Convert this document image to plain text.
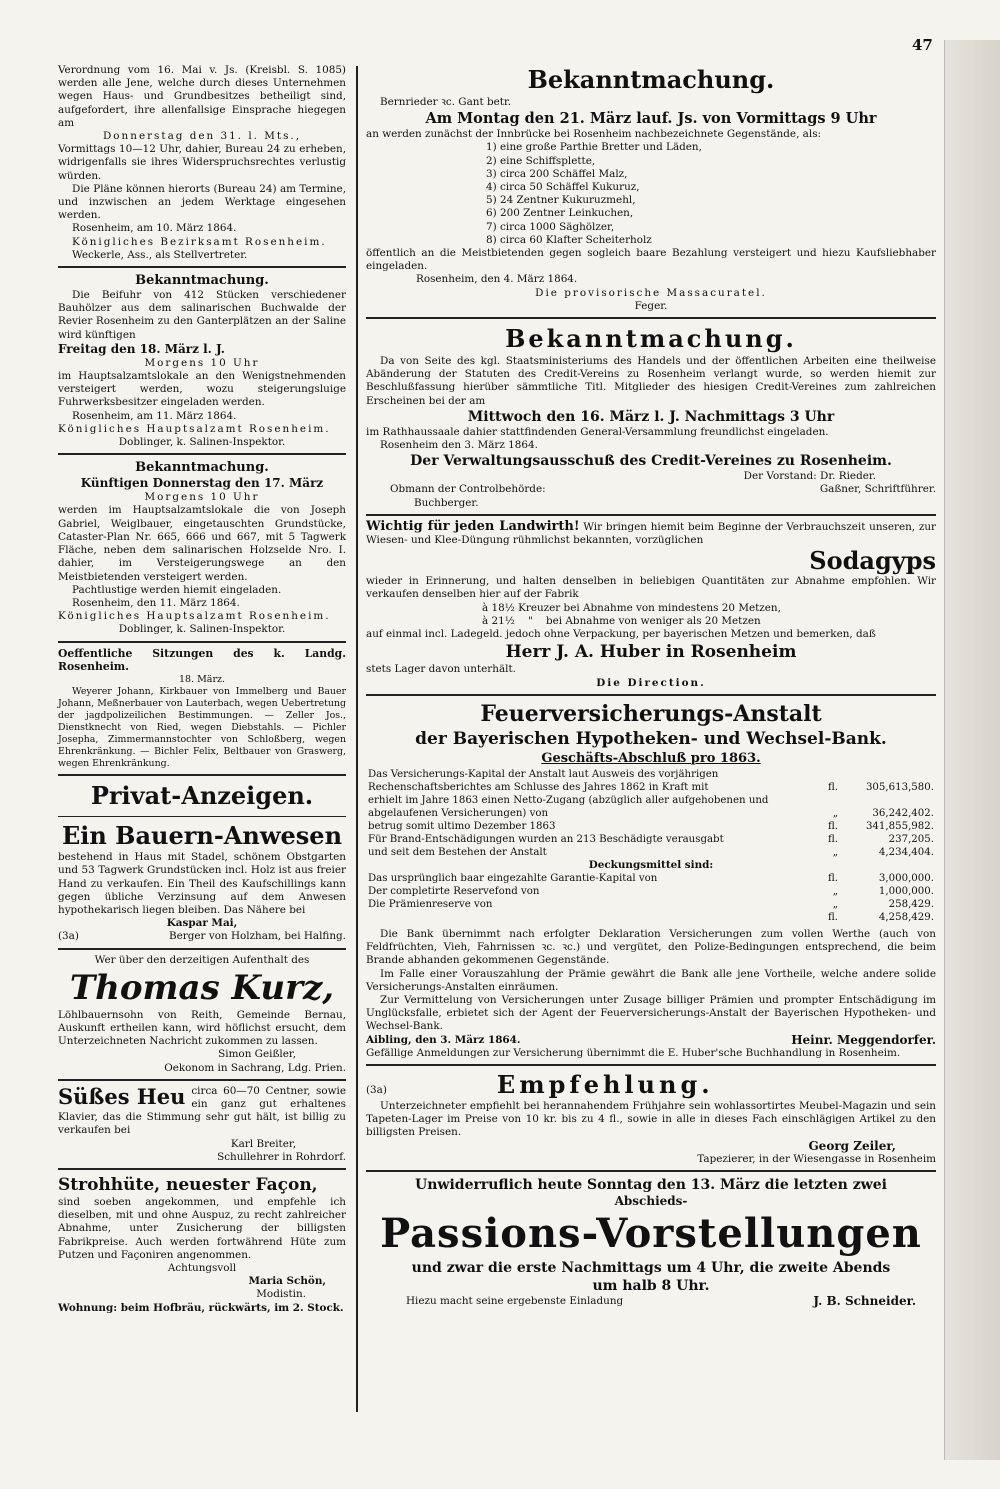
47

Verordnung vom 16. Mai v. Js. (Kreisbl. S. 1085) werden alle Jene, welche durch dieses Unternehmen wegen Haus- und Grundbesitzes betheiligt sind, aufgefordert, ihre allenfallsige Einsprache hiegegen am

Donnerstag den 31. l. Mts.,

Vormittags 10—12 Uhr, dahier, Bureau 24 zu erheben, widrigenfalls sie ihres Widerspruchsrechtes verlustig würden.

Die Pläne können hierorts (Bureau 24) am Termine, und inzwischen an jedem Werktage eingesehen werden.

Rosenheim, am 10. März 1864.

Königliches Bezirksamt Rosenheim.

Weckerle, Ass., als Stellvertreter.

Bekanntmachung.

Die Beifuhr von 412 Stücken verschiedener Bauhölzer aus dem salinarischen Buchwalde der Revier Rosenheim zu den Ganterplätzen an der Saline wird künftigen

Freitag den 18. März l. J.

Morgens 10 Uhr

im Hauptsalzamtslokale an den Wenigstnehmenden versteigert werden, wozu steigerungsluige Fuhrwerksbesitzer eingeladen werden.

Rosenheim, am 11. März 1864.

Königliches Hauptsalzamt Rosenheim.

Doblinger, k. Salinen-Inspektor.

Bekanntmachung.

Künftigen Donnerstag den 17. März

Morgens 10 Uhr

werden im Hauptsalzamtslokale die von Joseph Gabriel, Weiglbauer, eingetauschten Grundstücke, Cataster-Plan Nr. 665, 666 und 667, mit 5 Tagwerk Fläche, neben dem salinarischen Holzselde Nro. I. dahier, im Versteigerungswege an den Meistbietenden versteigert werden.

Pachtlustige werden hiemit eingeladen.

Rosenheim, den 11. März 1864.

Königliches Hauptsalzamt Rosenheim.

Doblinger, k. Salinen-Inspektor.

Oeffentliche Sitzungen des k. Landg. Rosenheim.

18. März.

Weyerer Johann, Kirkbauer von Immelberg und Bauer Johann, Meßnerbauer von Lauterbach, wegen Uebertretung der jagdpolizeilichen Bestimmungen. — Zeller Jos., Dienstknecht von Ried, wegen Diebstahls. — Pichler Josepha, Zimmermannstochter von Schloßberg, wegen Ehrenkränkung. — Bichler Felix, Beltbauer von Graswerg, wegen Ehrenkränkung.

Privat-Anzeigen.

Ein Bauern-Anwesen

bestehend in Haus mit Stadel, schönem Obstgarten und 53 Tagwerk Grundstücken incl. Holz ist aus freier Hand zu verkaufen. Ein Theil des Kaufschillings kann gegen übliche Verzinsung auf dem Anwesen hypothekarisch liegen bleiben. Das Nähere bei

Kaspar Mai,

(3a)	Berger von Holzham, bei Halfing.

Wer über den derzeitigen Aufenthalt des

Thomas Kurz,

Löhlbauernsohn von Reith, Gemeinde Bernau, Auskunft ertheilen kann, wird höflichst ersucht, dem Unterzeichneten Nachricht zukommen zu lassen.

Simon Geißler,

Oekonom in Sachrang, Ldg. Prien.

Süßes Heu circa 60—70 Centner, sowie ein ganz gut erhaltenes Klavier, das die Stimmung sehr gut hält, ist billig zu verkaufen bei

Karl Breiter,

Schullehrer in Rohrdorf.

Strohhüte, neuester Façon,

sind soeben angekommen, und empfehle ich dieselben, mit und ohne Auspuz, zu recht zahlreicher Abnahme, unter Zusicherung der billigsten Fabrikpreise. Auch werden fortwährend Hüte zum Putzen und Façoniren angenommen.

Achtungsvoll

Maria Schön,

Modistin.

Wohnung: beim Hofbräu, rückwärts, im 2. Stock.

Bekanntmachung.

Bernrieder ꝛc. Gant betr.

Am Montag den 21. März lauf. Js. von Vormittags 9 Uhr

an werden zunächst der Innbrücke bei Rosenheim nachbezeichnete Gegenstände, als:

1) eine große Parthie Bretter und Läden,

2) eine Schiffsplette,

3) circa 200 Schäffel Malz,

4) circa 50 Schäffel Kukuruz,

5) 24 Zentner Kukuruzmehl,

6) 200 Zentner Leinkuchen,

7) circa 1000 Säghölzer,

8) circa 60 Klafter Scheiterholz

öffentlich an die Meistbietenden gegen sogleich baare Bezahlung versteigert und hiezu Kaufsliebhaber eingeladen.

Rosenheim, den 4. März 1864.

Die provisorische Massacuratel.

Feger.

Bekanntmachung.

Da von Seite des kgl. Staatsministeriums des Handels und der öffentlichen Arbeiten eine theilweise Abänderung der Statuten des Credit-Vereins zu Rosenheim verlangt wurde, so werden hiemit zur Beschlußfassung hierüber sämmtliche Titl. Mitglieder des hiesigen Credit-Vereines zum zahlreichen Erscheinen bei der am

Mittwoch den 16. März l. J. Nachmittags 3 Uhr

im Rathhaussaale dahier stattfindenden General-Versammlung freundlichst eingeladen.

Rosenheim den 3. März 1864.

Der Verwaltungsausschuß des Credit-Vereines zu Rosenheim.

Der Vorstand: Dr. Rieder.

Obmann der Controlbehörde:	Gaßner, Schriftführer.

Buchberger.

Wichtig für jeden Landwirth! Wir bringen hiemit beim Beginne der Verbrauchszeit unseren, zur Wiesen- und Klee-Düngung rühmlichst bekannten, vorzüglichen

Sodagyps

wieder in Erinnerung, und halten denselben in beliebigen Quantitäten zur Abnahme empfohlen. Wir verkaufen denselben hier auf der Fabrik

à 18½ Kreuzer bei Abnahme von mindestens 20 Metzen,

à 21½    "    bei Abnahme von weniger als 20 Metzen

auf einmal incl. Ladegeld. jedoch ohne Verpackung, per bayerischen Metzen und bemerken, daß

Herr J. A. Huber in Rosenheim

stets Lager davon unterhält.

Die Direction.

Feuerversicherungs-Anstalt

der Bayerischen Hypotheken- und Wechsel-Bank.

Geschäfts-Abschluß pro 1863.

Das Versicherungs-Kapital der Anstalt laut Ausweis des vorjährigen Rechenschaftsberichtes am Schlusse des Jahres 1862 in Kraft mit	fl.	305,613,580.
erhielt im Jahre 1863 einen Netto-Zugang (abzüglich aller aufgehobenen und abgelaufenen Versicherungen) von	„	36,242,402.
betrug somit ultimo Dezember 1863	fl.	341,855,982.
Für Brand-Entschädigungen wurden an 213 Beschädigte verausgabt	fl.	237,205.
und seit dem Bestehen der Anstalt	„	4,234,404.

Deckungsmittel sind:

Das ursprünglich baar eingezahlte Garantie-Kapital von	fl.	3,000,000.
Der completirte Reservefond von	„	1,000,000.
Die Prämienreserve von	„	258,429.
	fl.	4,258,429.

Die Bank übernimmt nach erfolgter Deklaration Versicherungen zum vollen Werthe (auch von Feldfrüchten, Vieh, Fahrnissen ꝛc. ꝛc.) und vergütet, den Polize-Bedingungen entsprechend, die beim Brande abhanden gekommenen Gegenstände.

Im Falle einer Vorauszahlung der Prämie gewährt die Bank alle jene Vortheile, welche andere solide Versicherungs-Anstalten einräumen.

Zur Vermittelung von Versicherungen unter Zusage billiger Prämien und prompter Entschädigung im Unglücksfalle, erbietet sich der Agent der Feuerversicherungs-Anstalt der Bayerischen Hypotheken- und Wechsel-Bank.

Aibling, den 3. März 1864.	Heinr. Meggendorfer.

Gefällige Anmeldungen zur Versicherung übernimmt die E. Huber'sche Buchhandlung in Rosenheim.

(3a)	Empfehlung.

Unterzeichneter empfiehlt bei herannahendem Frühjahre sein wohlassortirtes Meubel-Magazin und sein Tapeten-Lager im Preise von 10 kr. bis zu 4 fl., sowie in alle in dieses Fach einschlägigen Artikel zu den billigsten Preisen.

Georg Zeiler,

Tapezierer, in der Wiesengasse in Rosenheim

Unwiderruflich heute Sonntag den 13. März die letzten zwei

Abschieds-

Passions-Vorstellungen

und zwar die erste Nachmittags um 4 Uhr, die zweite Abends

um halb 8 Uhr.

Hiezu macht seine ergebenste Einladung	J. B. Schneider.
